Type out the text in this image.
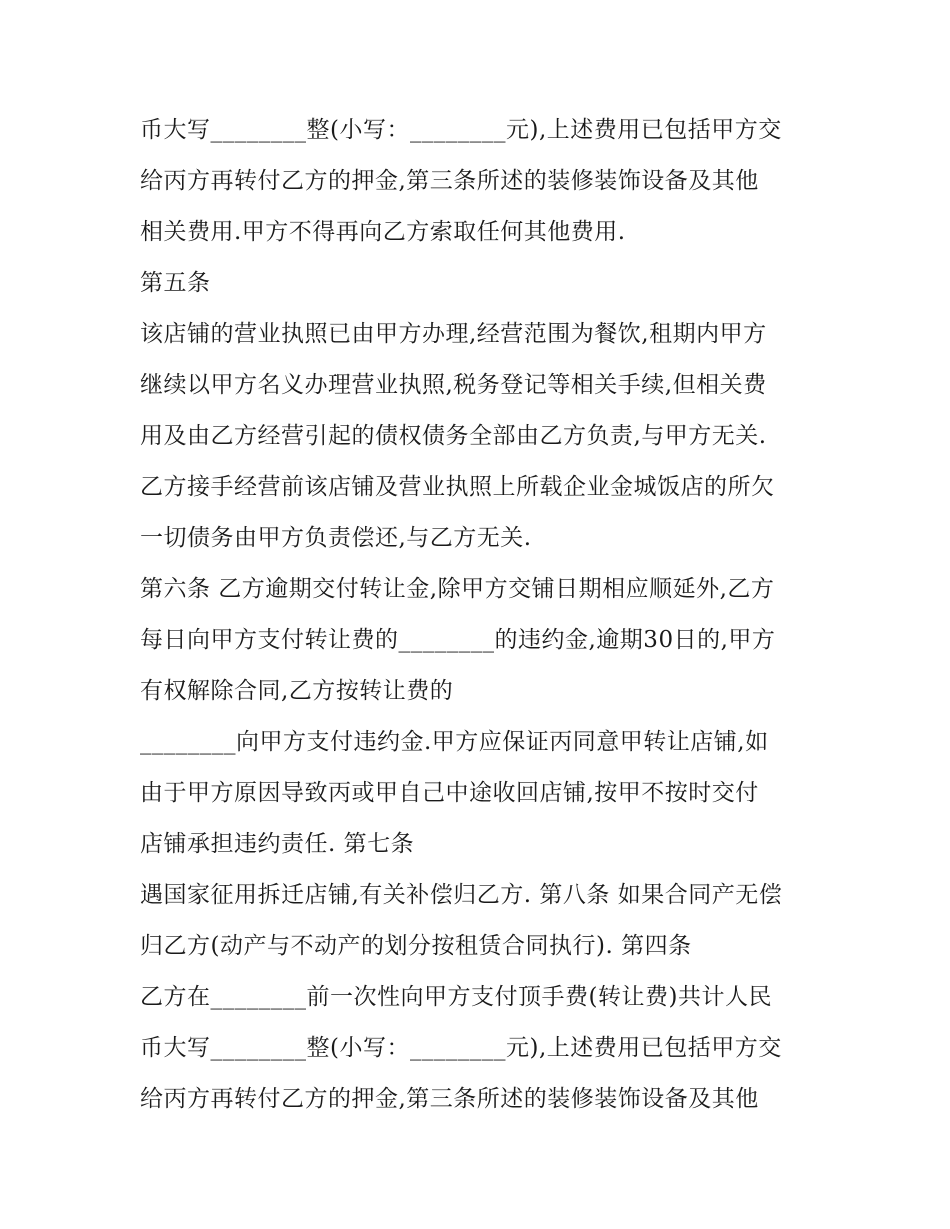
币大写________整(小写：________元),上述费用已包括甲方交
给丙方再转付乙方的押金,第三条所述的装修装饰设备及其他
相关费用.甲方不得再向乙方索取任何其他费用.
第五条
该店铺的营业执照已由甲方办理,经营范围为餐饮,租期内甲方
继续以甲方名义办理营业执照,税务登记等相关手续,但相关费
用及由乙方经营引起的债权债务全部由乙方负责,与甲方无关.
乙方接手经营前该店铺及营业执照上所载企业金城饭店的所欠
一切债务由甲方负责偿还,与乙方无关.
第六条 乙方逾期交付转让金,除甲方交铺日期相应顺延外,乙方
每日向甲方支付转让费的________的违约金,逾期30日的,甲方
有权解除合同,乙方按转让费的
________向甲方支付违约金.甲方应保证丙同意甲转让店铺,如
由于甲方原因导致丙或甲自己中途收回店铺,按甲不按时交付
店铺承担违约责任. 第七条
遇国家征用拆迁店铺,有关补偿归乙方. 第八条 如果合同产无偿
归乙方(动产与不动产的划分按租赁合同执行). 第四条
乙方在________前一次性向甲方支付顶手费(转让费)共计人民
币大写________整(小写：________元),上述费用已包括甲方交
给丙方再转付乙方的押金,第三条所述的装修装饰设备及其他
